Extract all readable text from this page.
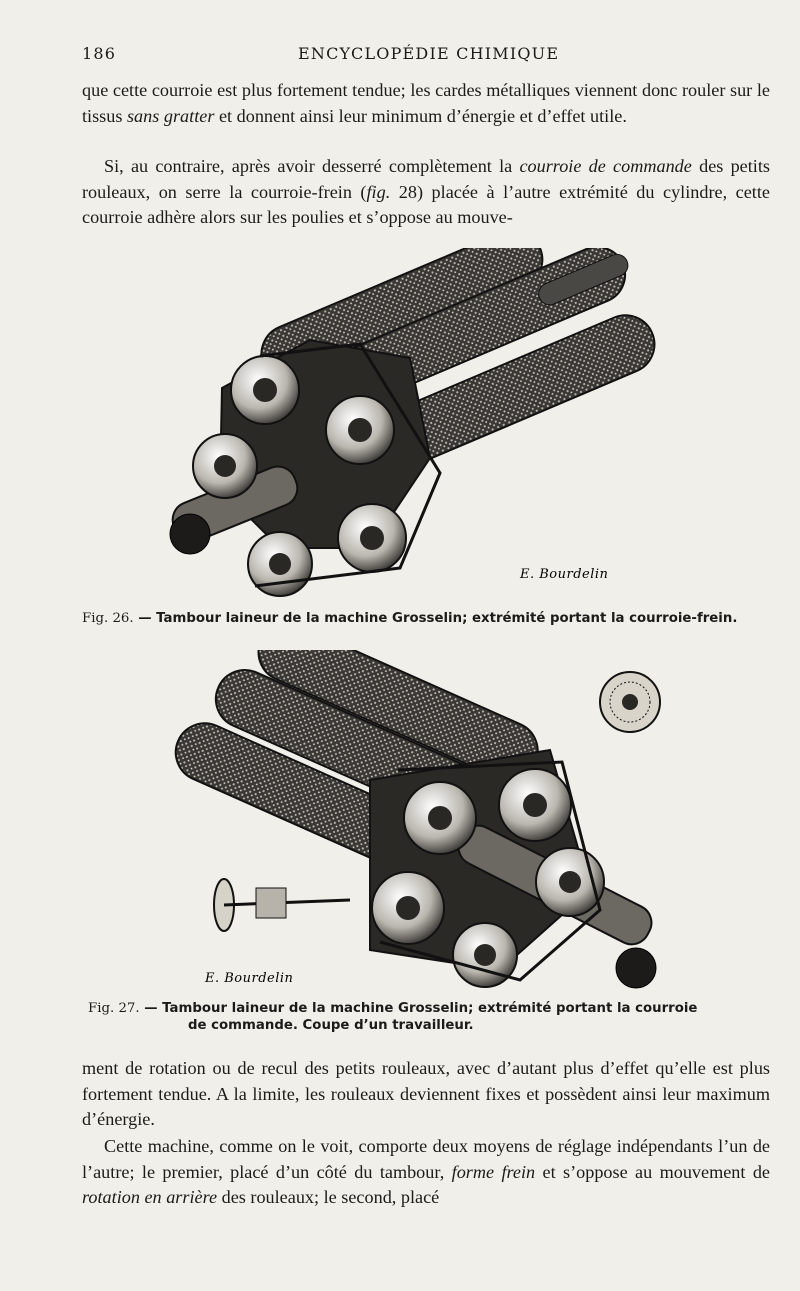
186	ENCYCLOPÉDIE CHIMIQUE

que cette courroie est plus fortement tendue; les cardes métalliques viennent donc rouler sur le tissus sans gratter et donnent ainsi leur minimum d’énergie et d’effet utile.

Si, au contraire, après avoir desserré complètement la courroie de commande des petits rouleaux, on serre la courroie-frein (fig. 28) placée à l’autre extrémité du cylindre, cette courroie adhère alors sur les poulies et s’oppose au mouve-

E. Bourdelin
Fig. 26. — Tambour laineur de la machine Grosselin; extrémité portant la courroie-frein.
E. Bourdelin
Fig. 27. — Tambour laineur de la machine Grosselin; extrémité portant la courroie
de commande. Coupe d’un travailleur.

ment de rotation ou de recul des petits rouleaux, avec d’autant plus d’effet qu’elle est plus fortement tendue. A la limite, les rouleaux deviennent fixes et possèdent ainsi leur maximum d’énergie.

Cette machine, comme on le voit, comporte deux moyens de réglage indépendants l’un de l’autre; le premier, placé d’un côté du tambour, forme frein et s’oppose au mouvement de rotation en arrière des rouleaux; le second, placé
